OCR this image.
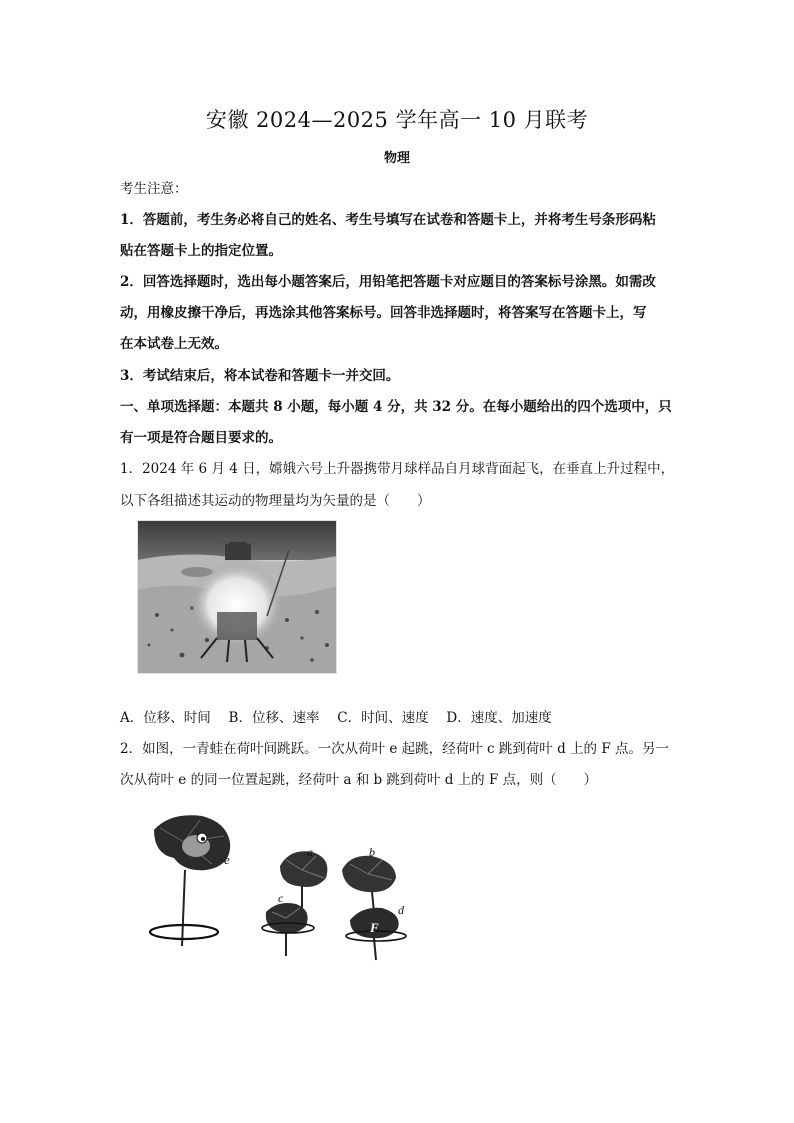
安徽 2024—2025 学年高一 10 月联考
物理
考生注意：
1．答题前，考生务必将自己的姓名、考生号填写在试卷和答题卡上，并将考生号条形码粘
贴在答题卡上的指定位置。
2．回答选择题时，选出每小题答案后，用铅笔把答题卡对应题目的答案标号涂黑。如需改
动，用橡皮擦干净后，再选涂其他答案标号。回答非选择题时，将答案写在答题卡上，写
在本试卷上无效。
3．考试结束后，将本试卷和答题卡一并交回。
一、单项选择题：本题共 8 小题，每小题 4 分，共 32 分。在每小题给出的四个选项中，只
有一项是符合题目要求的。
1．2024 年 6 月 4 日，嫦娥六号上升器携带月球样品自月球背面起飞，在垂直上升过程中，
以下各组描述其运动的物理量均为矢量的是（　　）
A．位移、时间　 B．位移、速率　 C．时间、速度　 D．速度、加速度
2．如图，一青蛙在荷叶间跳跃。一次从荷叶 e 起跳，经荷叶 c 跳到荷叶 d 上的 F 点。另一
次从荷叶 e 的同一位置起跳，经荷叶 a 和 b 跳到荷叶 d 上的 F 点，则（　　）
e	a
c
b
F
d
